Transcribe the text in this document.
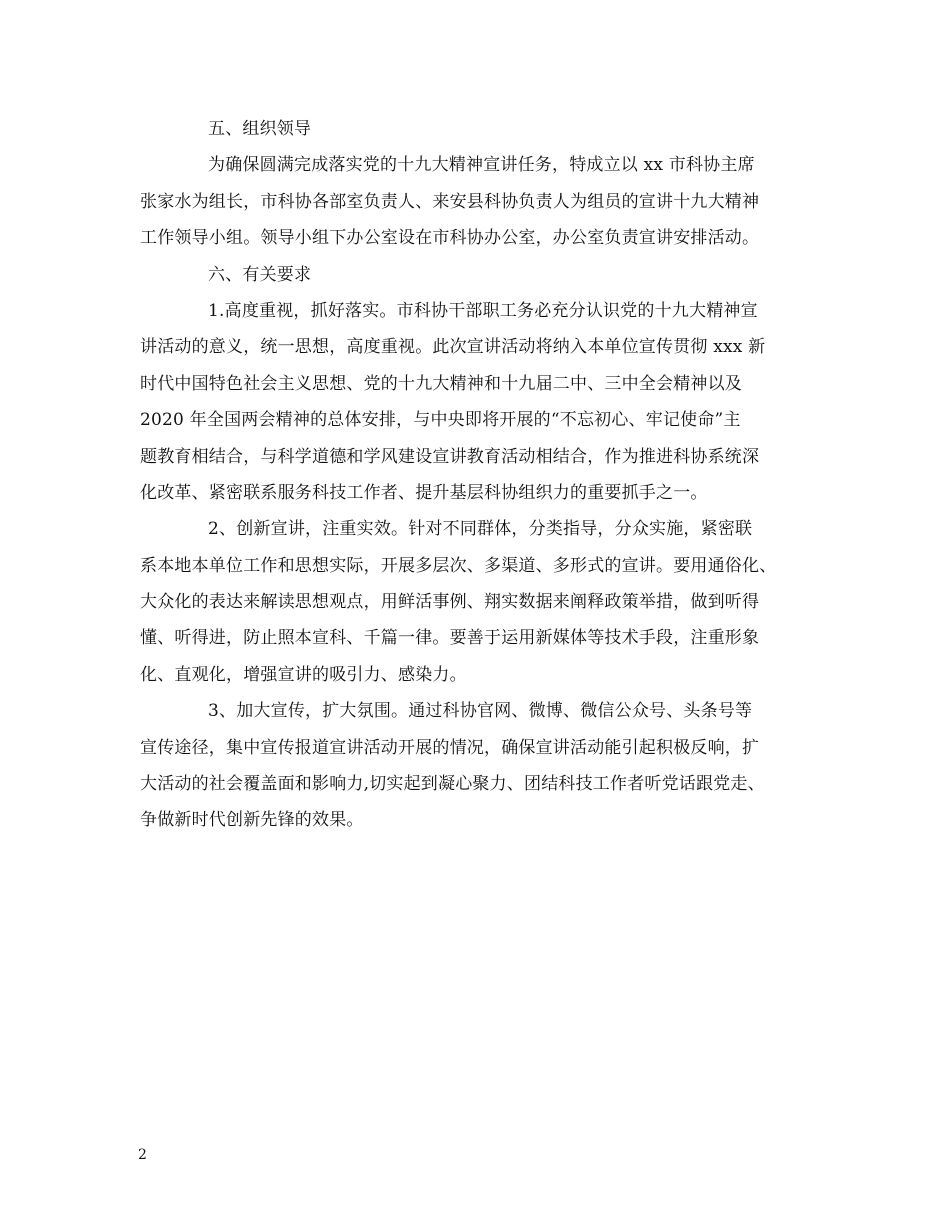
五、组织领导
为确保圆满完成落实党的十九大精神宣讲任务，特成立以 xx 市科协主席
张家水为组长，市科协各部室负责人、来安县科协负责人为组员的宣讲十九大精神
工作领导小组。领导小组下办公室设在市科协办公室，办公室负责宣讲安排活动。
六、有关要求
1.高度重视，抓好落实。市科协干部职工务必充分认识党的十九大精神宣
讲活动的意义，统一思想，高度重视。此次宣讲活动将纳入本单位宣传贯彻 xxx 新
时代中国特色社会主义思想、党的十九大精神和十九届二中、三中全会精神以及
2020 年全国两会精神的总体安排，与中央即将开展的“不忘初心、牢记使命”主
题教育相结合，与科学道德和学风建设宣讲教育活动相结合，作为推进科协系统深
化改革、紧密联系服务科技工作者、提升基层科协组织力的重要抓手之一。
2、创新宣讲，注重实效。针对不同群体，分类指导，分众实施，紧密联
系本地本单位工作和思想实际，开展多层次、多渠道、多形式的宣讲。要用通俗化、
大众化的表达来解读思想观点，用鲜活事例、翔实数据来阐释政策举措，做到听得
懂、听得进，防止照本宣科、千篇一律。要善于运用新媒体等技术手段，注重形象
化、直观化，增强宣讲的吸引力、感染力。
3、加大宣传，扩大氛围。通过科协官网、微博、微信公众号、头条号等
宣传途径，集中宣传报道宣讲活动开展的情况，确保宣讲活动能引起积极反响，扩
大活动的社会覆盖面和影响力,切实起到凝心聚力、团结科技工作者听党话跟党走、
争做新时代创新先锋的效果。
2
